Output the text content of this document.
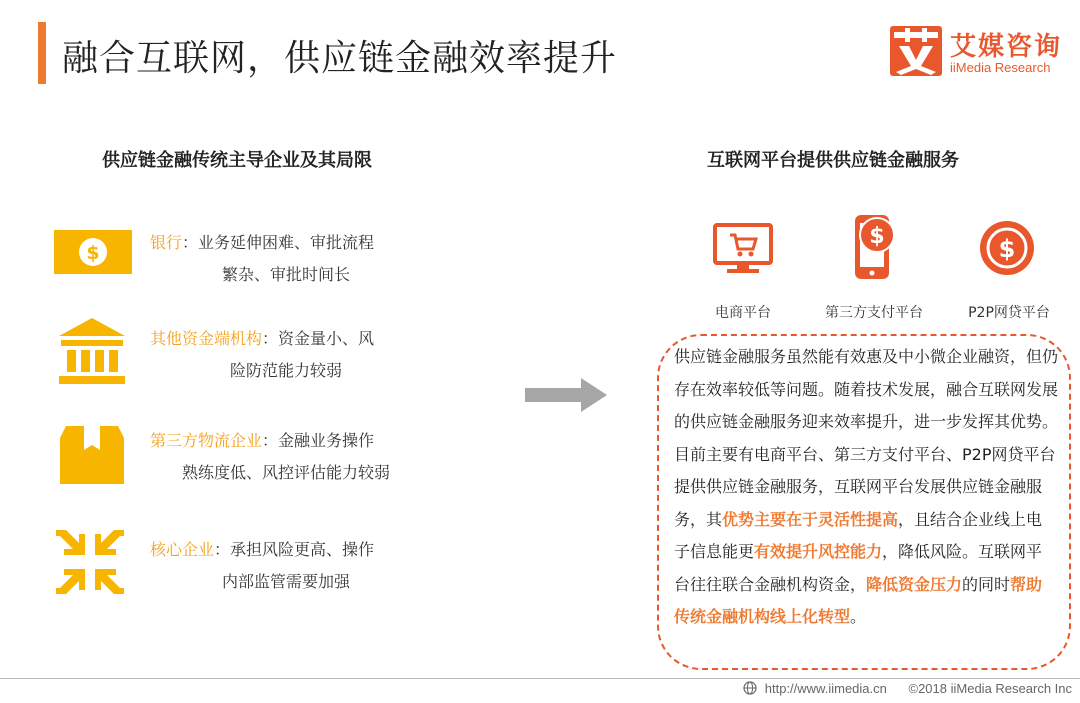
融合互联网，供应链金融效率提升	艾媒咨询
iiMedia Research
供应链金融传统主导企业及其局限
$	银行：业务延伸困难、审批流程
繁杂、审批时间长
其他资金端机构：资金量小、风
险防范能力较弱
第三方物流企业：金融业务操作
熟练度低、风控评估能力较弱
核心企业：承担风险更高、操作
内部监管需要加强
互联网平台提供供应链金融服务
$	$
电商平台	第三方支付平台	P2P网贷平台
供应链金融服务虽然能有效惠及中小微企业融资，但仍存在效率较低等问题。随着技术发展，融合互联网发展的供应链金融服务迎来效率提升，进一步发挥其优势。目前主要有电商平台、第三方支付平台、P2P网贷平台提供供应链金融服务，互联网平台发展供应链金融服务，其优势主要在于灵活性提高，且结合企业线上电子信息能更有效提升风控能力，降低风险。互联网平台往往联合金融机构资金，降低资金压力的同时帮助传统金融机构线上化转型。
http://www.iimedia.cn ©2018 iiMedia Research Inc
